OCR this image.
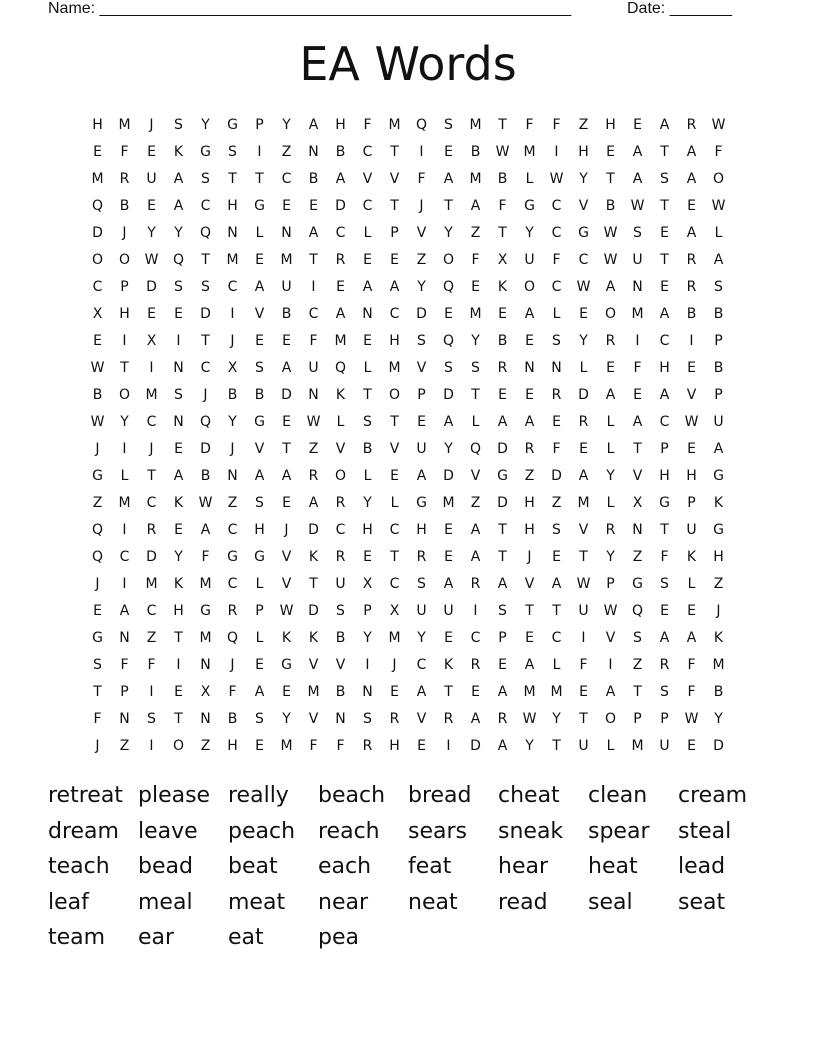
Name: _____________________________________________________	Date: _______
EA Words
H	M	J	S	Y	G	P	Y	A	H	F	M	Q	S	M	T	F	F	Z	H	E	A	R	W
E	F	E	K	G	S	I	Z	N	B	C	T	I	E	B	W	M	I	H	E	A	T	A	F
M	R	U	A	S	T	T	C	B	A	V	V	F	A	M	B	L	W	Y	T	A	S	A	O
Q	B	E	A	C	H	G	E	E	D	C	T	J	T	A	F	G	C	V	B	W	T	E	W
D	J	Y	Y	Q	N	L	N	A	C	L	P	V	Y	Z	T	Y	C	G	W	S	E	A	L
O	O	W	Q	T	M	E	M	T	R	E	E	Z	O	F	X	U	F	C	W	U	T	R	A
C	P	D	S	S	C	A	U	I	E	A	A	Y	Q	E	K	O	C	W	A	N	E	R	S
X	H	E	E	D	I	V	B	C	A	N	C	D	E	M	E	A	L	E	O	M	A	B	B
E	I	X	I	T	J	E	E	F	M	E	H	S	Q	Y	B	E	S	Y	R	I	C	I	P
W	T	I	N	C	X	S	A	U	Q	L	M	V	S	S	R	N	N	L	E	F	H	E	B
B	O	M	S	J	B	B	D	N	K	T	O	P	D	T	E	E	R	D	A	E	A	V	P
W	Y	C	N	Q	Y	G	E	W	L	S	T	E	A	L	A	A	E	R	L	A	C	W	U
J	I	J	E	D	J	V	T	Z	V	B	V	U	Y	Q	D	R	F	E	L	T	P	E	A
G	L	T	A	B	N	A	A	R	O	L	E	A	D	V	G	Z	D	A	Y	V	H	H	G
Z	M	C	K	W	Z	S	E	A	R	Y	L	G	M	Z	D	H	Z	M	L	X	G	P	K
Q	I	R	E	A	C	H	J	D	C	H	C	H	E	A	T	H	S	V	R	N	T	U	G
Q	C	D	Y	F	G	G	V	K	R	E	T	R	E	A	T	J	E	T	Y	Z	F	K	H
J	I	M	K	M	C	L	V	T	U	X	C	S	A	R	A	V	A	W	P	G	S	L	Z
E	A	C	H	G	R	P	W	D	S	P	X	U	U	I	S	T	T	U	W	Q	E	E	J
G	N	Z	T	M	Q	L	K	K	B	Y	M	Y	E	C	P	E	C	I	V	S	A	A	K
S	F	F	I	N	J	E	G	V	V	I	J	C	K	R	E	A	L	F	I	Z	R	F	M
T	P	I	E	X	F	A	E	M	B	N	E	A	T	E	A	M	M	E	A	T	S	F	B
F	N	S	T	N	B	S	Y	V	N	S	R	V	R	A	R	W	Y	T	O	P	P	W	Y
J	Z	I	O	Z	H	E	M	F	F	R	H	E	I	D	A	Y	T	U	L	M	U	E	D
retreat please really	beach	bread	cheat	clean	cream
dream leave	peach	reach	sears	sneak	spear	steal
teach	bead	beat	each	feat	hear	heat	lead
leaf	meal	meat	near	neat	read	seal	seat
team	ear	eat	pea
